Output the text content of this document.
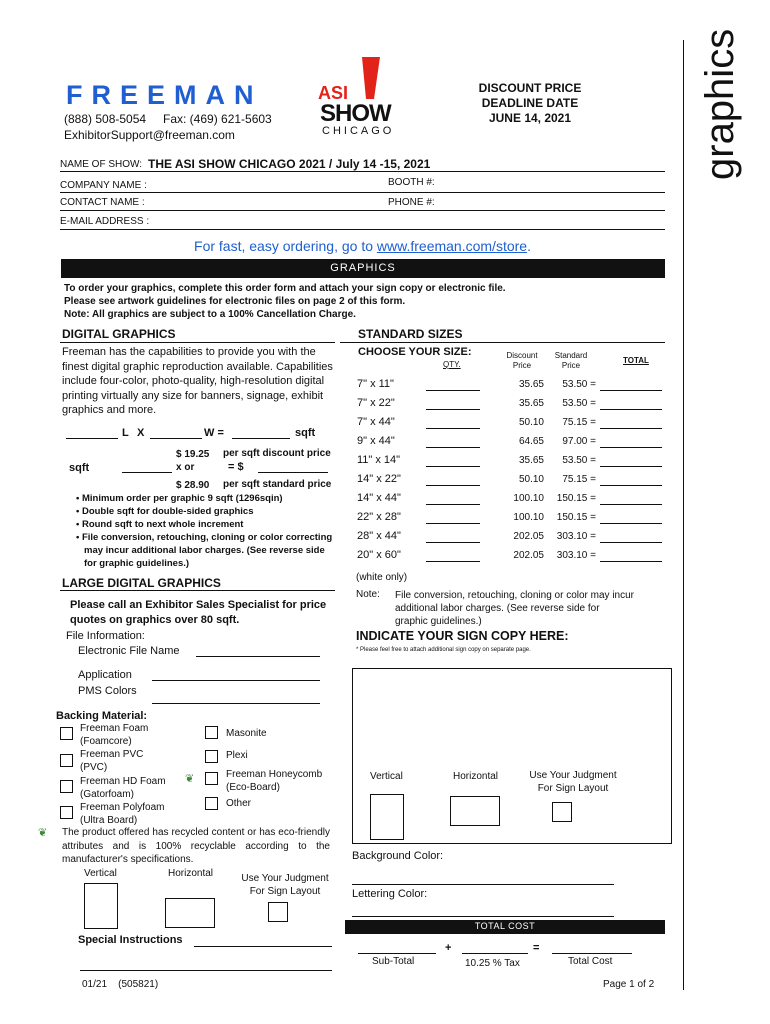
FREEMAN
(888) 508-5054 Fax: (469) 621-5603
ExhibitorSupport@freeman.com
ASI
SHOW
CHICAGO
DISCOUNT PRICE
DEADLINE DATE
JUNE 14, 2021	graphics
NAME OF SHOW: THE ASI SHOW CHICAGO 2021 / July 14 -15, 2021
COMPANY NAME :	BOOTH #:
CONTACT NAME :	PHONE #:
E-MAIL ADDRESS :
For fast, easy ordering, go to www.freeman.com/store.
GRAPHICS
To order your graphics, complete this order form and attach your sign copy or electronic file.
Please see artwork guidelines for electronic files on page 2 of this form.
Note: All graphics are subject to a 100% Cancellation Charge.
DIGITAL GRAPHICS
Freeman has the capabilities to provide you with the finest digital graphic reproduction available. Capabilities include four-color, photo-quality, high-resolution digital printing virtually any size for banners, signage, exhibit graphics and more.
L X	W =	sqft
$ 19.25 per sqft discount price
sqft	x or	= $
$ 28.90 per sqft standard price
• Minimum order per graphic 9 sqft (1296sqin)
• Double sqft for double-sided graphics
• Round sqft to next whole increment
• File conversion, retouching, cloning or color correcting may incur additional labor charges. (See reverse side for graphic guidelines.)
LARGE DIGITAL GRAPHICS
Please call an Exhibitor Sales Specialist for price quotes on graphics over 80 sqft.
File Information:
Electronic File Name
Application
PMS Colors
Backing Material:
Freeman Foam (Foamcore)
Freeman PVC (PVC)
Freeman HD Foam (Gatorfoam)
❦
Freeman Polyfoam (Ultra Board)
Masonite
Plexi
Freeman Honeycomb (Eco-Board)
Other
❦ The product offered has recycled content or has eco-friendly attributes and is 100% recyclable according to the manufacturer's specifications.
Vertical	Horizontal	Use Your Judgment For Sign Layout
Special Instructions
01/21    (505821)
STANDARD SIZES
CHOOSE YOUR SIZE:
QTY.
Discount Price
Standard Price
TOTAL
7" x 11"	35.65	53.50 =
7" x 22"	35.65	53.50 =
7" x 44"	50.10	75.15 =
9" x 44"	64.65	97.00 =
11" x 14"	35.65	53.50 =
14" x 22"	50.10	75.15 =
14" x 44"	100.10	150.15 =
22" x 28"	100.10	150.15 =
28" x 44"	202.05	303.10 =
20" x 60"	202.05	303.10 =
(white only)
Note: File conversion, retouching, cloning or color may incur additional labor charges. (See reverse side for graphic guidelines.)
INDICATE YOUR SIGN COPY HERE:
* Please feel free to attach additional sign copy on separate page.
Vertical	Horizontal	Use Your Judgment For Sign Layout
Background Color:
Lettering Color:
TOTAL COST
+	=
Sub-Total	10.25 % Tax	Total Cost
Page 1 of 2
